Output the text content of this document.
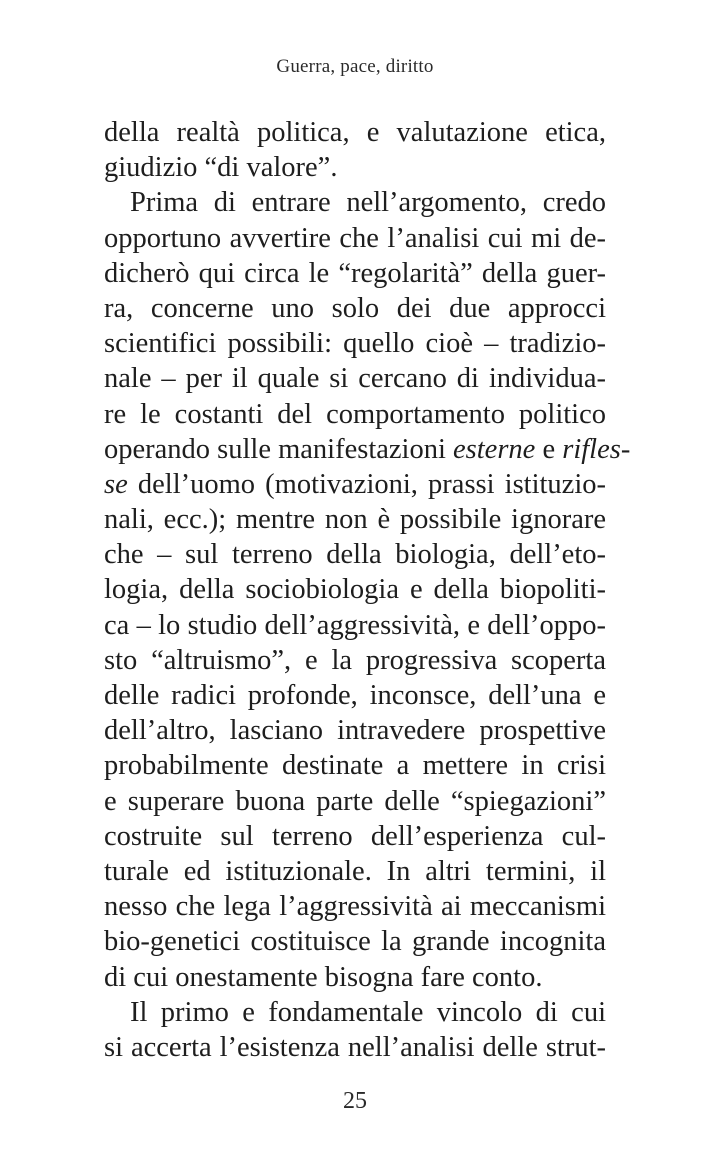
Guerra, pace, diritto
della realtà politica, e valutazione etica,
giudizio “di valore”.
Prima di entrare nell’argomento, credo
opportuno avvertire che l’analisi cui mi de-
dicherò qui circa le “regolarità” della guer-
ra, concerne uno solo dei due approcci
scientifici possibili: quello cioè – tradizio-
nale – per il quale si cercano di individua-
re le costanti del comportamento politico
operando sulle manifestazioni esterne e rifles-
se dell’uomo (motivazioni, prassi istituzio-
nali, ecc.); mentre non è possibile ignorare
che – sul terreno della biologia, dell’eto-
logia, della sociobiologia e della biopoliti-
ca – lo studio dell’aggressività, e dell’oppo-
sto “altruismo”, e la progressiva scoperta
delle radici profonde, inconsce, dell’una e
dell’altro, lasciano intravedere prospettive
probabilmente destinate a mettere in crisi
e superare buona parte delle “spiegazioni”
costruite sul terreno dell’esperienza cul-
turale ed istituzionale. In altri termini, il
nesso che lega l’aggressività ai meccanismi
bio-genetici costituisce la grande incognita
di cui onestamente bisogna fare conto.
Il primo e fondamentale vincolo di cui
si accerta l’esistenza nell’analisi delle strut-
25
